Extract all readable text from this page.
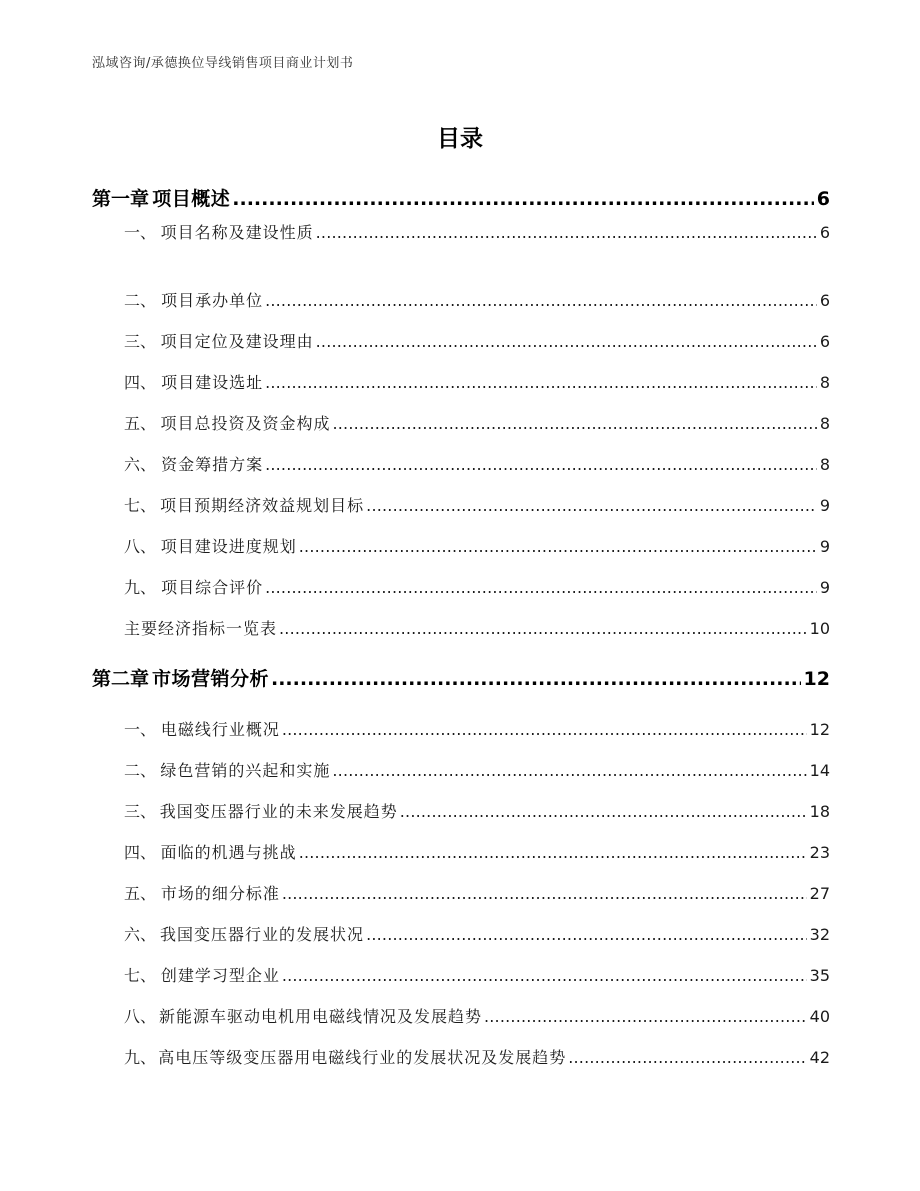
泓域咨询/承德换位导线销售项目商业计划书
目录
第一章 项目概述 .....	6
一、 项目名称及建设性质 .....	6
二、 项目承办单位 .....	6
三、 项目定位及建设理由 .....	6
四、 项目建设选址 .....	8
五、 项目总投资及资金构成 .....	8
六、 资金筹措方案 .....	8
七、 项目预期经济效益规划目标 .....	9
八、 项目建设进度规划 .....	9
九、 项目综合评价 .....	9
主要经济指标一览表 .....	10
第二章 市场营销分析 .....	12
一、 电磁线行业概况 .....	12
二、 绿色营销的兴起和实施 .....	14
三、 我国变压器行业的未来发展趋势 .....	18
四、 面临的机遇与挑战 .....	23
五、 市场的细分标准 .....	27
六、 我国变压器行业的发展状况 .....	32
七、 创建学习型企业 .....	35
八、 新能源车驱动电机用电磁线情况及发展趋势 .....	40
九、 高电压等级变压器用电磁线行业的发展状况及发展趋势 .....	42
